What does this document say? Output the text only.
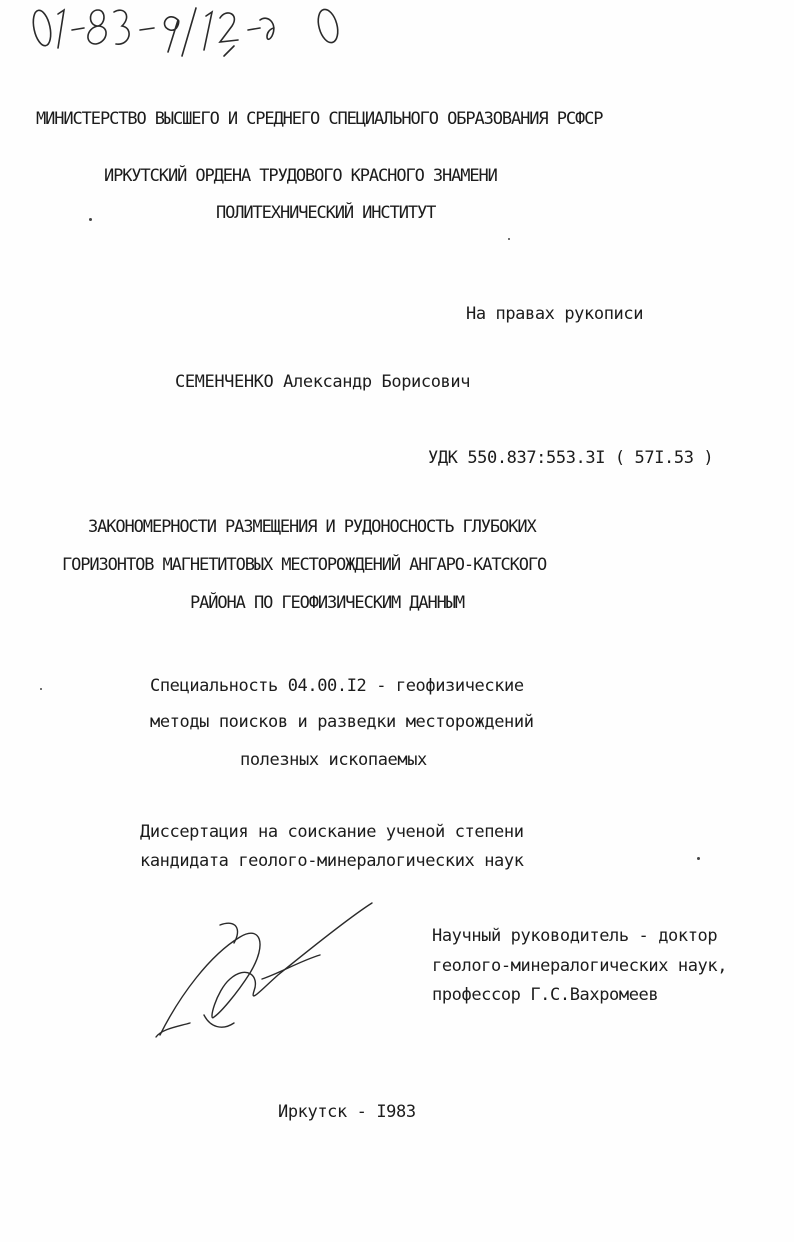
МИНИСТЕРСТВО ВЫСШЕГО И СРЕДНЕГО СПЕЦИАЛЬНОГО ОБРАЗОВАНИЯ РСФСР
ИРКУТСКИЙ ОРДЕНА ТРУДОВОГО КРАСНОГО ЗНАМЕНИ
ПОЛИТЕХНИЧЕСКИЙ ИНСТИТУТ
На правах рукописи
СЕМЕНЧЕНКО Александр Борисович
УДК 550.837:553.3I ( 57I.53 )
ЗАКОНОМЕРНОСТИ РАЗМЕЩЕНИЯ И РУДОНОСНОСТЬ ГЛУБОКИХ
ГОРИЗОНТОВ МАГНЕТИТОВЫХ МЕСТОРОЖДЕНИЙ АНГАРО-КАТСКОГО
РАЙОНА ПО ГЕОФИЗИЧЕСКИМ ДАННЫМ
Специальность 04.00.I2 - геофизические
методы поисков и разведки месторождений
полезных ископаемых
Диссертация на соискание ученой степени
кандидата геолого-минералогических наук
Научный руководитель - доктор
геолого-минералогических наук,
профессор Г.С.Вахромеев
Иркутск - I983
